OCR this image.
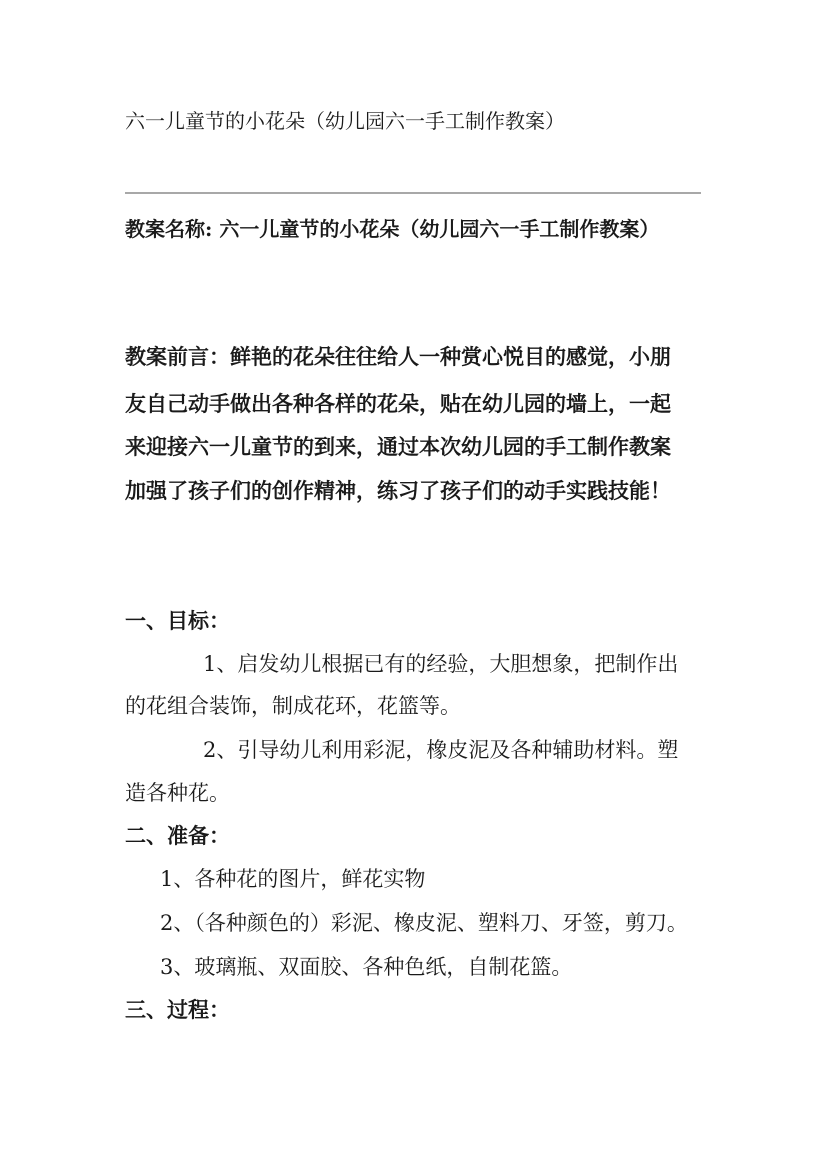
六一儿童节的小花朵（幼儿园六一手工制作教案）
教案名称: 六一儿童节的小花朵（幼儿园六一手工制作教案）
教案前言：鲜艳的花朵往往给人一种赏心悦目的感觉，小朋
友自己动手做出各种各样的花朵，贴在幼儿园的墙上，一起
来迎接六一儿童节的到来，通过本次幼儿园的手工制作教案
加强了孩子们的创作精神，练习了孩子们的动手实践技能！
一、目标：
1、启发幼儿根据已有的经验，大胆想象，把制作出
的花组合装饰，制成花环，花篮等。
2、引导幼儿利用彩泥，橡皮泥及各种辅助材料。塑
造各种花。
二、准备：
1、各种花的图片，鲜花实物
2、（各种颜色的）彩泥、橡皮泥、塑料刀、牙签，剪刀。
3、玻璃瓶、双面胶、各种色纸，自制花篮。
三、过程：
